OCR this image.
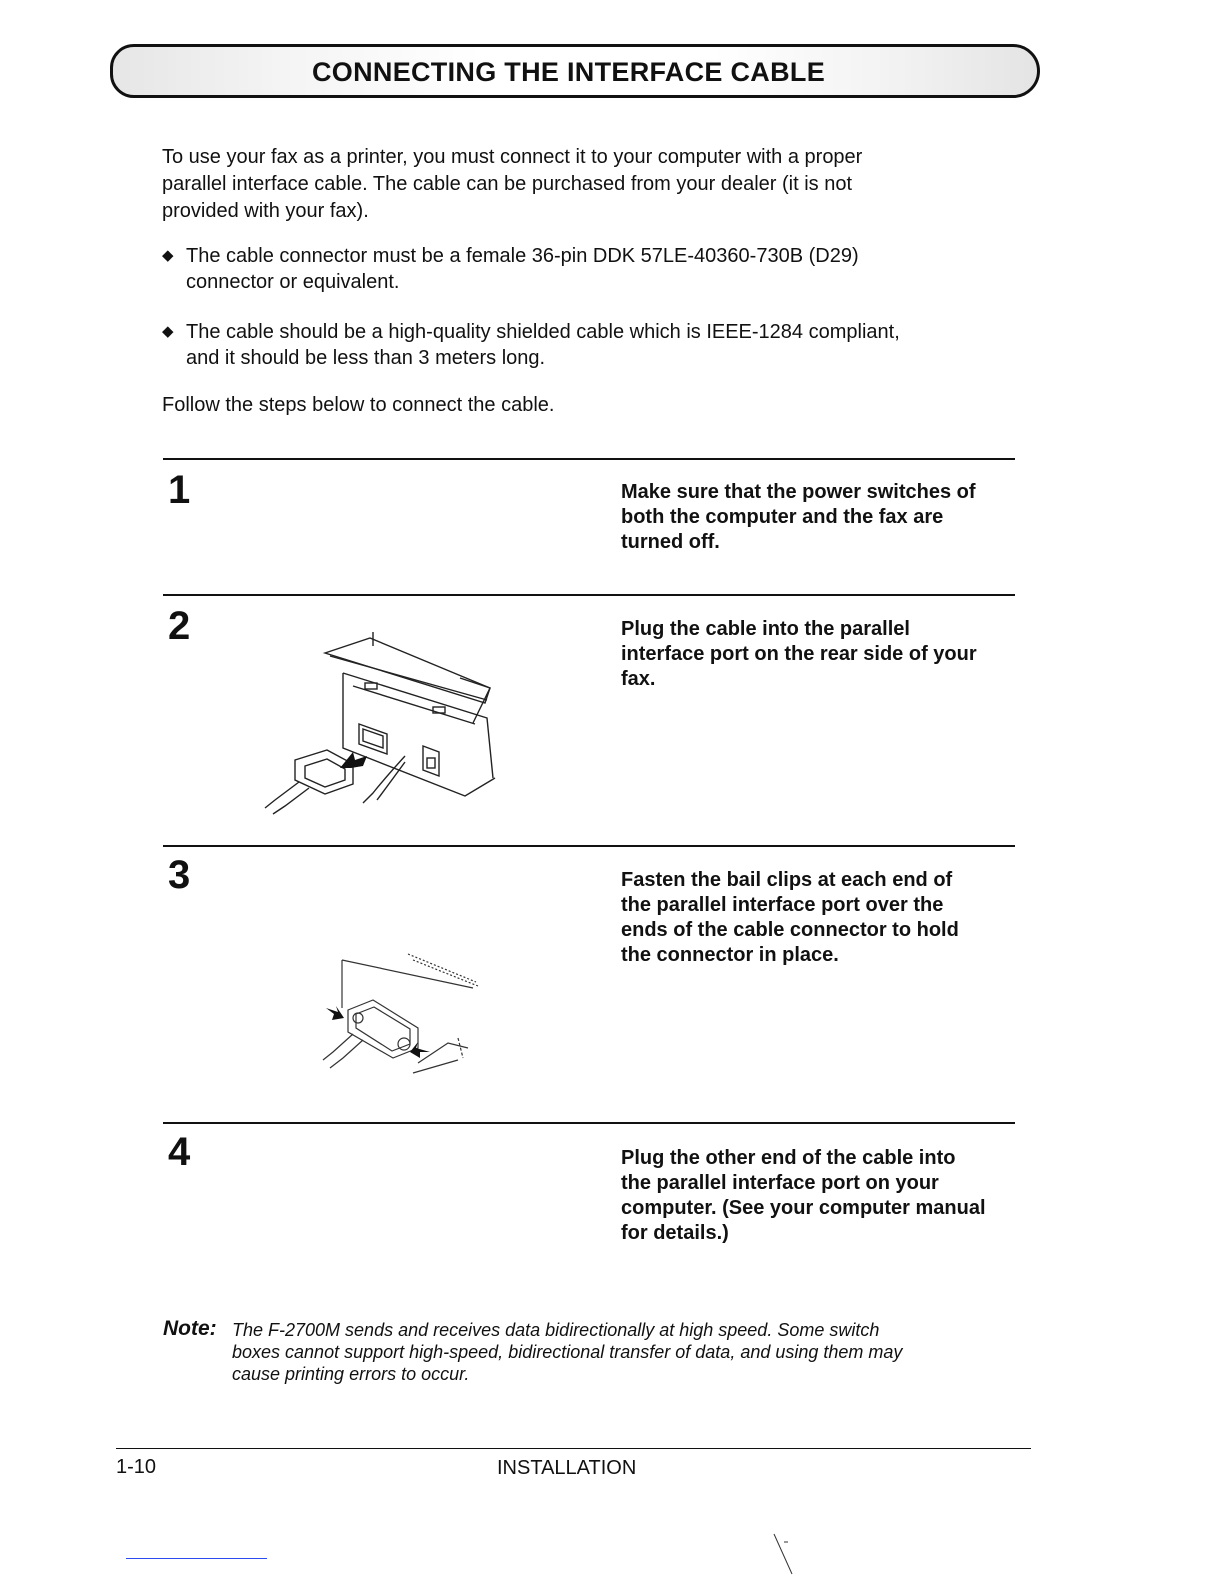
CONNECTING THE INTERFACE CABLE
To use your fax as a printer, you must connect it to your computer with a proper
parallel interface cable. The cable can be purchased from your dealer (it is not
provided with your fax).
◆ The cable connector must be a female 36-pin DDK 57LE-40360-730B (D29)
connector or equivalent.
◆ The cable should be a high-quality shielded cable which is IEEE-1284 compliant,
and it should be less than 3 meters long.
Follow the steps below to connect the cable.
1	Make sure that the power switches of
both the computer and the fax are
turned off.
2	Plug the cable into the parallel
interface port on the rear side of your
fax.
3	Fasten the bail clips at each end of
the parallel interface port over the
ends of the cable connector to hold
the connector in place.
4	Plug the other end of the cable into
the parallel interface port on your
computer. (See your computer manual
for details.)
Note: The F-2700M sends and receives data bidirectionally at high speed. Some switch
boxes cannot support high-speed, bidirectional transfer of data, and using them may
cause printing errors to occur.
1-10	INSTALLATION
